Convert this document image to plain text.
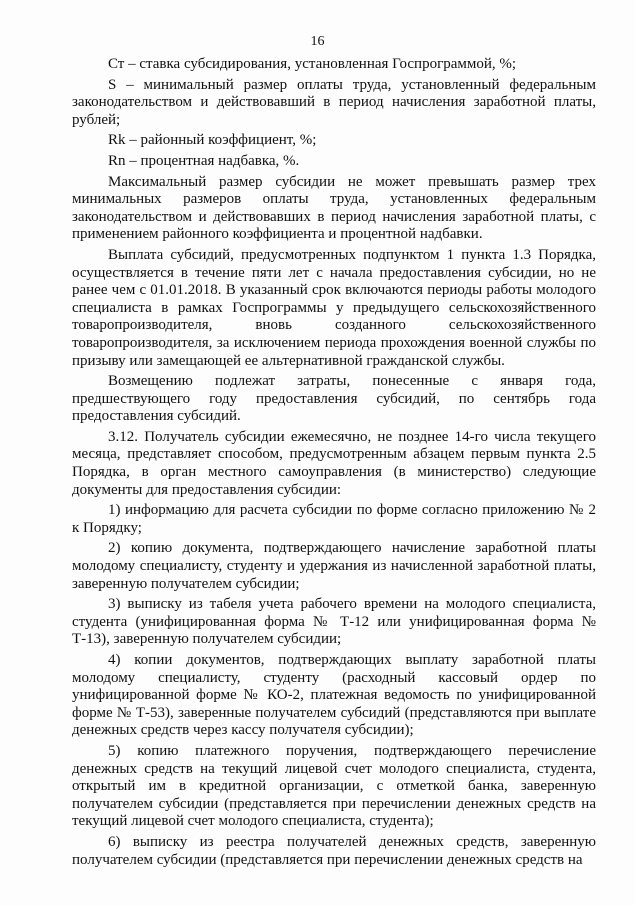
16

Ст – ставка субсидирования, установленная Госпрограммой, %;

S – минимальный размер оплаты труда, установленный федеральным законодательством и действовавший в период начисления заработной платы, рублей;

Rk – районный коэффициент, %;

Rn – процентная надбавка, %.

Максимальный размер субсидии не может превышать размер трех минимальных размеров оплаты труда, установленных федеральным законодательством и действовавших в период начисления заработной платы, с применением районного коэффициента и процентной надбавки.

Выплата субсидий, предусмотренных подпунктом 1 пункта 1.3 Порядка, осуществляется в течение пяти лет с начала предоставления субсидии, но не ранее чем с 01.01.2018. В указанный срок включаются периоды работы молодого специалиста в рамках Госпрограммы у предыдущего сельскохозяйственного товаропроизводителя, вновь созданного сельскохозяйственного товаропроизводителя, за исключением периода прохождения военной службы по призыву или замещающей ее альтернативной гражданской службы.

Возмещению подлежат затраты, понесенные с января года, предшествующего году предоставления субсидий, по сентябрь года предоставления субсидий.

3.12. Получатель субсидии ежемесячно, не позднее 14-го числа текущего месяца, представляет способом, предусмотренным абзацем первым пункта 2.5 Порядка, в орган местного самоуправления (в министерство) следующие документы для предоставления субсидии:

1) информацию для расчета субсидии по форме согласно приложению № 2 к Порядку;

2) копию документа, подтверждающего начисление заработной платы молодому специалисту, студенту и удержания из начисленной заработной платы, заверенную получателем субсидии;

3) выписку из табеля учета рабочего времени на молодого специалиста, студента (унифицированная форма № Т-12 или унифицированная форма № Т-13), заверенную получателем субсидии;

4) копии документов, подтверждающих выплату заработной платы молодому специалисту, студенту (расходный кассовый ордер по унифицированной форме № КО-2, платежная ведомость по унифицированной форме № Т-53), заверенные получателем субсидий (представляются при выплате денежных средств через кассу получателя субсидии);

5) копию платежного поручения, подтверждающего перечисление денежных средств на текущий лицевой счет молодого специалиста, студента, открытый им в кредитной организации, с отметкой банка, заверенную получателем субсидии (представляется при перечислении денежных средств на текущий лицевой счет молодого специалиста, студента);

6) выписку из реестра получателей денежных средств, заверенную получателем субсидии (представляется при перечислении денежных средств на
